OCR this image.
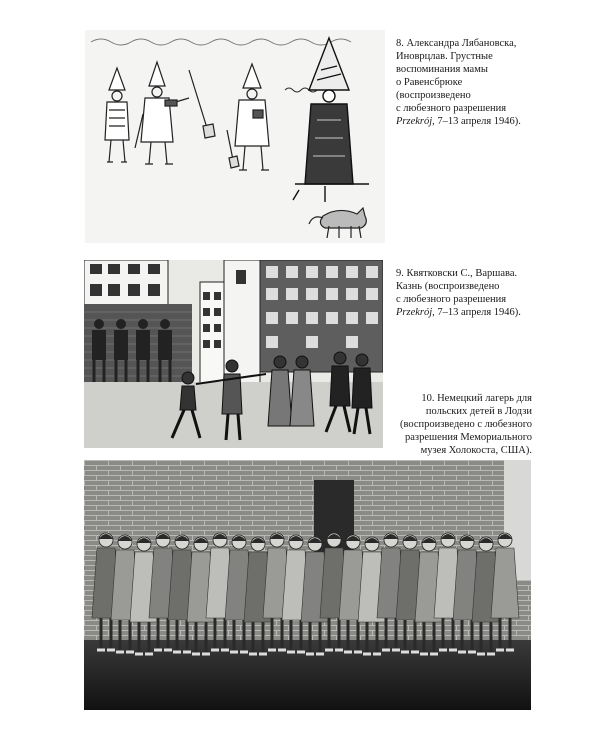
8. Александра Лябановска,
Иноврцлав. Грустные
воспоминания мамы
о Равенсбрюке
(воспроизведено
с любезного разрешения
Przekrój, 7–13 апреля 1946).
9. Квятковски С., Варшава.
Казнь (воспроизведено
с любезного разрешения
Przekrój, 7–13 апреля 1946).
10. Немецкий лагерь для
польских детей в Лодзи
(воспроизведено с любезного
разрешения Мемориального
музея Холокоста, США).
